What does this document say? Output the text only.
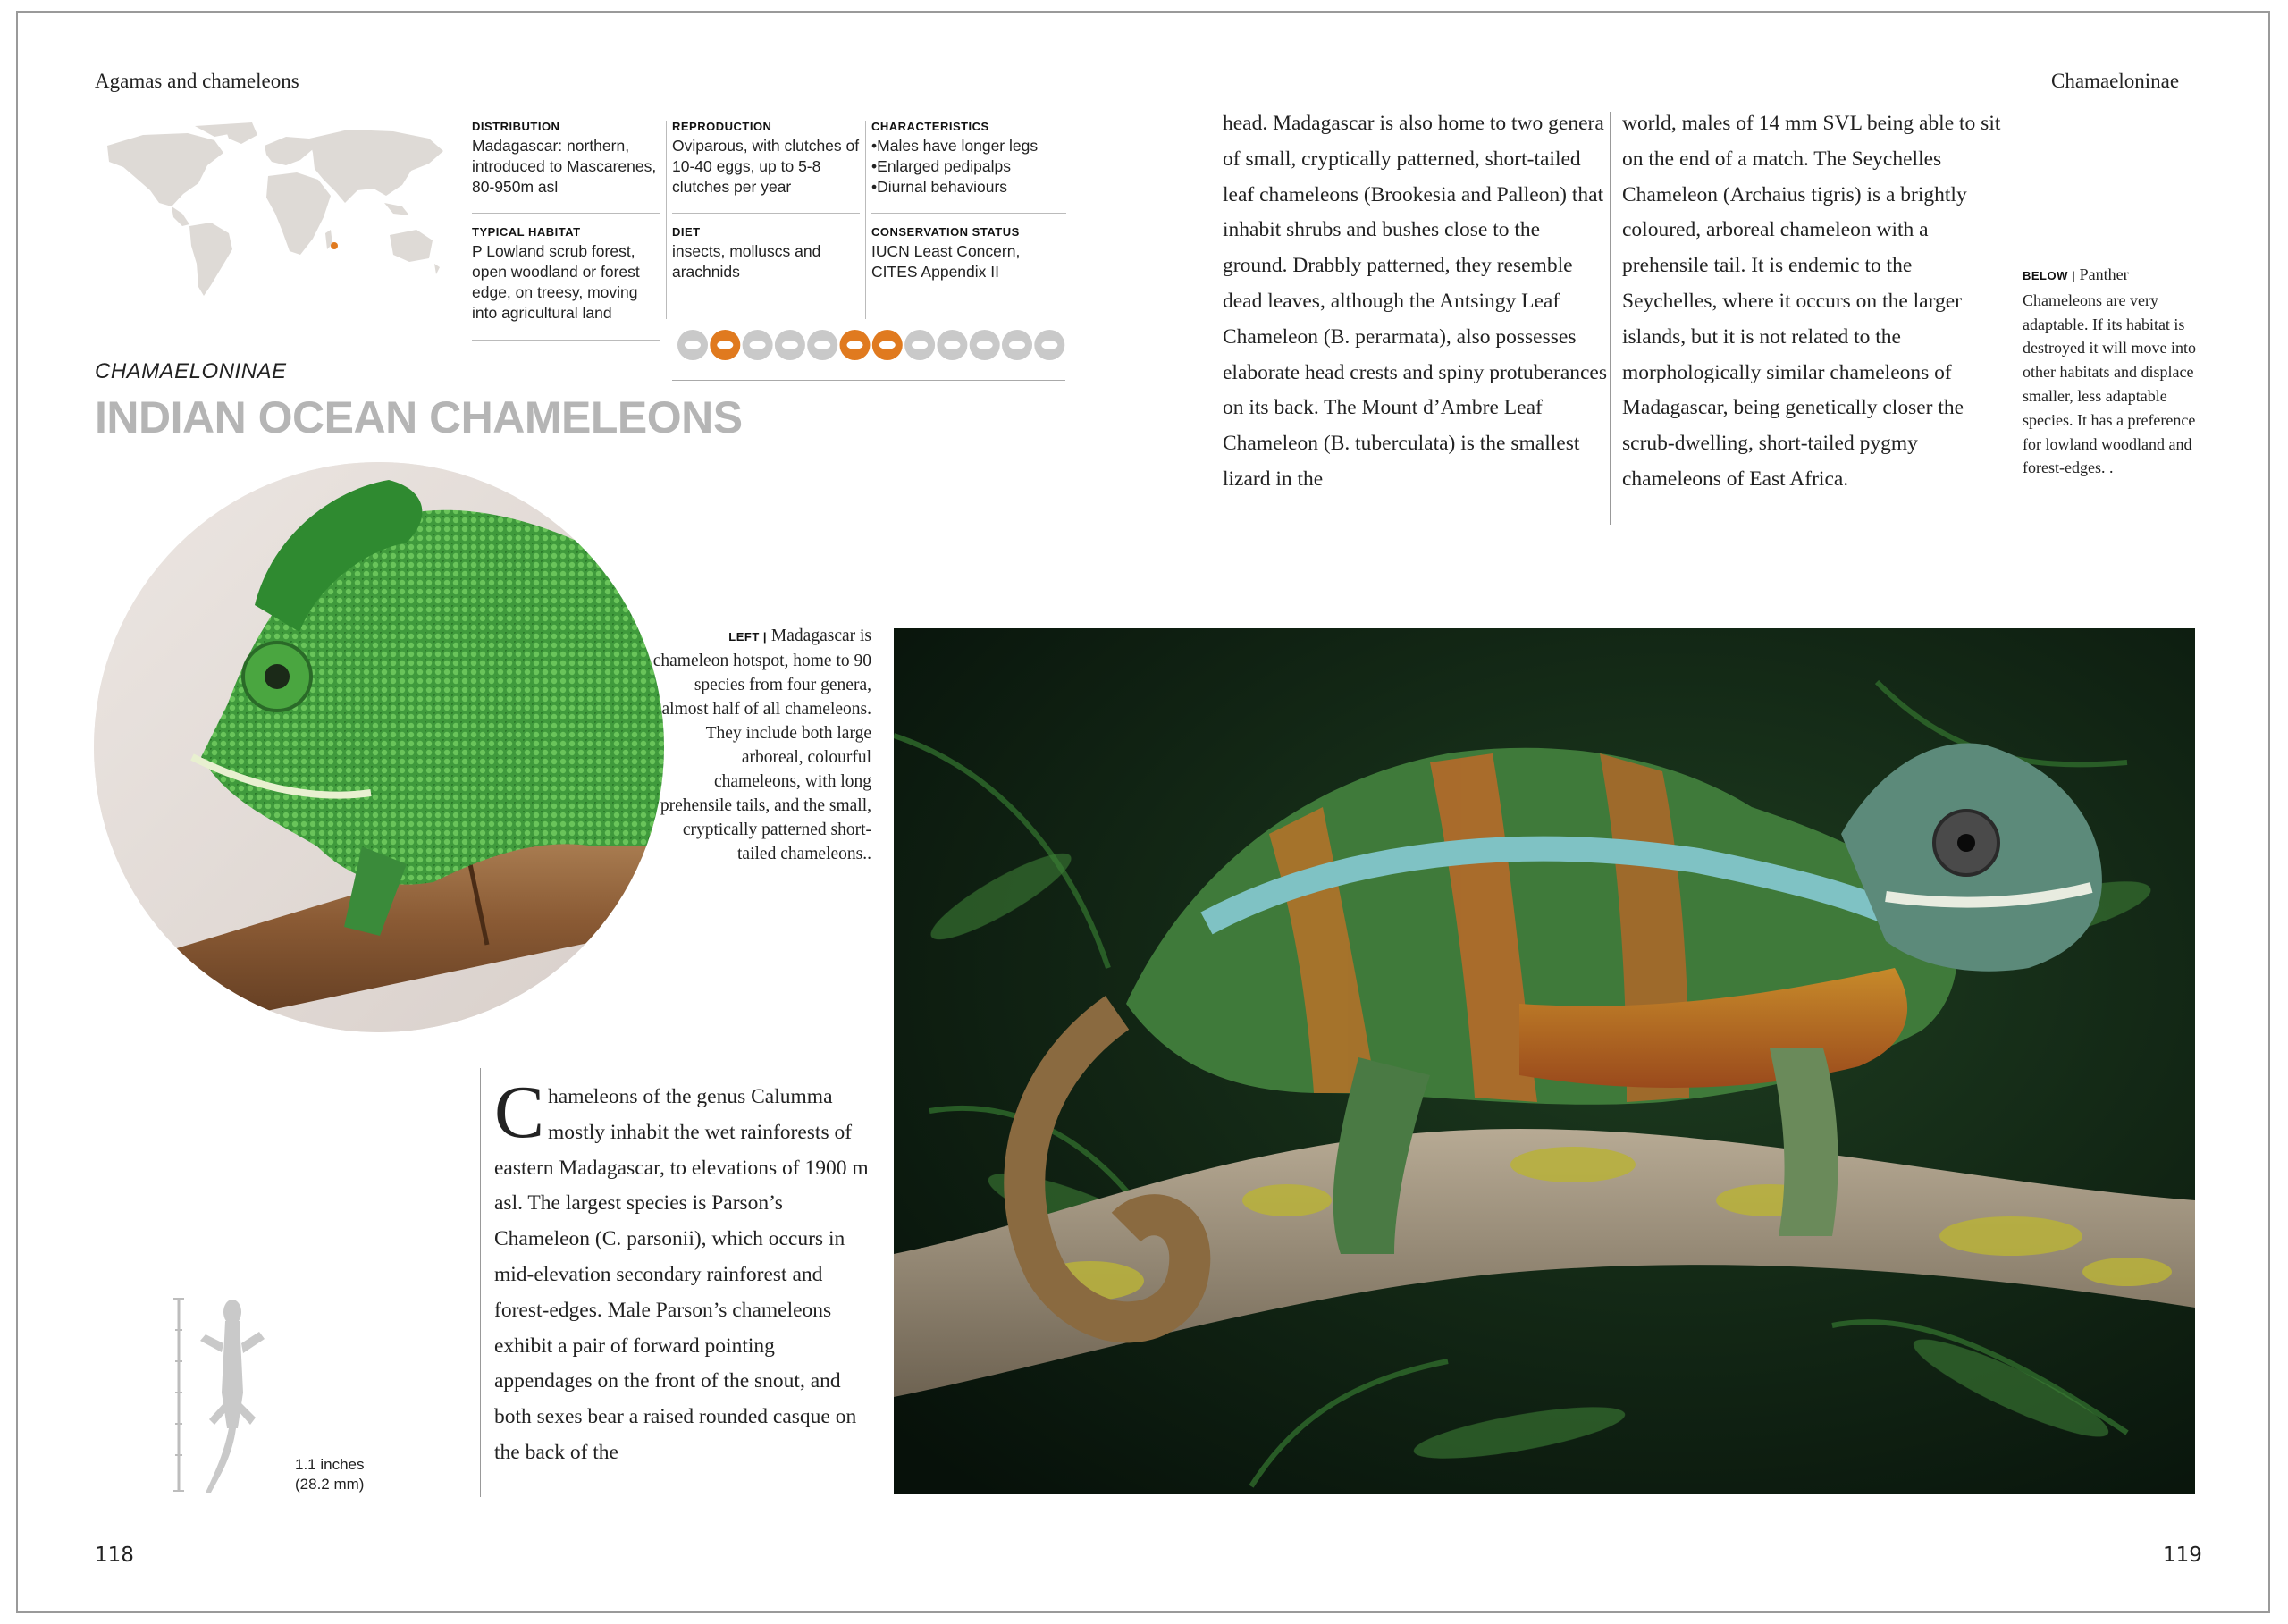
Agamas and chameleons	Chamaeloninae
DISTRIBUTION
Madagascar: northern, introduced to Mascarenes, 80-950m asl
TYPICAL HABITAT
P Lowland scrub forest, open woodland or forest edge, on treesy, moving into agricultural land
REPRODUCTION
Oviparous, with clutches of 10-40 eggs, up to 5-8 clutches per year
DIET
insects, molluscs and arachnids
CHARACTERISTICS
• Males have longer legs
• Enlarged pedipalps
• Diurnal behaviours
CONSERVATION STATUS
IUCN Least Concern, CITES Appendix II
CHAMAELONINAE
INDIAN OCEAN CHAMELEONS
LEFT | Madagascar is chameleon hotspot, home to 90 species from four genera, almost half of all chameleons. They include both large arboreal, colourful chameleons, with long prehensile tails, and the small, cryptically patterned short-tailed chameleons..
Chameleons of the genus Calumma mostly inhabit the wet rainforests of eastern Madagascar, to elevations of 1900 m asl. The largest species is Parson’s Chameleon (C. parsonii), which occurs in mid-elevation secondary rainforest and forest-edges. Male Parson’s chameleons exhibit a pair of forward pointing appendages on the front of the snout, and both sexes bear a raised rounded casque on the back of the
head. Madagascar is also home to two genera of small, cryptically patterned, short-tailed leaf chameleons (Brookesia and Palleon) that inhabit shrubs and bushes close to the ground. Drabbly patterned, they resemble dead leaves, although the Antsingy Leaf Chameleon (B. perarmata), also possesses elaborate head crests and spiny protuberances on its back. The Mount d’Ambre Leaf Chameleon (B. tuberculata) is the smallest lizard in the
world, males of 14 mm SVL being able to sit on the end of a match. The Seychelles Chameleon (Archaius tigris) is a brightly coloured, arboreal chameleon with a prehensile tail. It is endemic to the Seychelles, where it occurs on the larger islands, but it is not related to the morphologically similar chameleons of Madagascar, being genetically closer the scrub-dwelling, short-tailed pygmy chameleons of East Africa.
BELOW | Panther Chameleons are very adaptable. If its habitat is destroyed it will move into other habitats and displace smaller, less adaptable species. It has a preference for lowland woodland and forest-edges. .
1.1 inches
(28.2 mm)
118	119
